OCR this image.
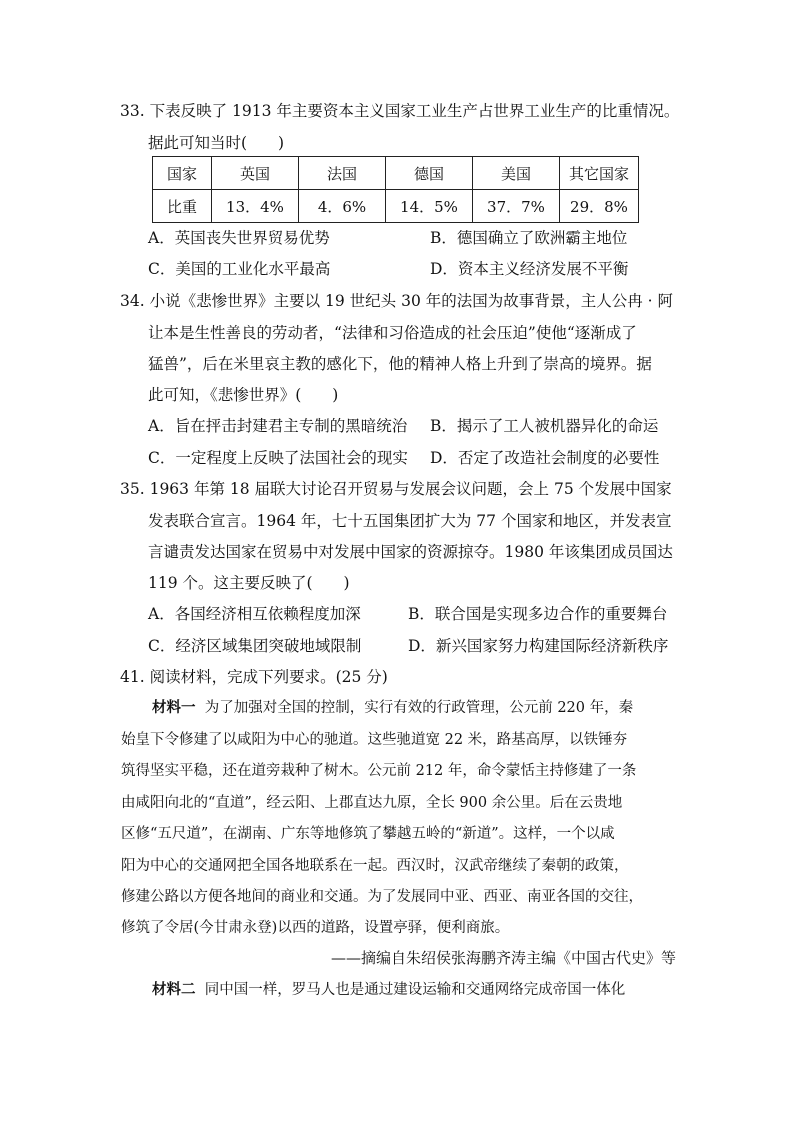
33. 下表反映了 1913 年主要资本主义国家工业生产占世界工业生产的比重情况。
据此可知当时(　　)
国家	英国	法国	德国	美国	其它国家
比重	13．4%	4．6%	14．5%	37．7%	29．8%
A．英国丧失世界贸易优势	B．德国确立了欧洲霸主地位
C．美国的工业化水平最高	D．资本主义经济发展不平衡
34. 小说《悲惨世界》主要以 19 世纪头 30 年的法国为故事背景，主人公冉 · 阿
让本是生性善良的劳动者，“法律和习俗造成的社会压迫”使他“逐渐成了
猛兽”，后在米里哀主教的感化下，他的精神人格上升到了崇高的境界。据
此可知，《悲惨世界》(　　)
A．旨在抨击封建君主专制的黑暗统治 B．揭示了工人被机器异化的命运
C．一定程度上反映了法国社会的现实 D．否定了改造社会制度的必要性
35. 1963 年第 18 届联大讨论召开贸易与发展会议问题，会上 75 个发展中国家
发表联合宣言。1964 年，七十五国集团扩大为 77 个国家和地区，并发表宣
言谴责发达国家在贸易中对发展中国家的资源掠夺。1980 年该集团成员国达
119 个。这主要反映了(　　)
A．各国经济相互依赖程度加深	B．联合国是实现多边合作的重要舞台
C．经济区域集团突破地域限制	D．新兴国家努力构建国际经济新秩序
41. 阅读材料，完成下列要求。(25 分)
材料一 为了加强对全国的控制，实行有效的行政管理，公元前 220 年，秦
始皇下令修建了以咸阳为中心的驰道。这些驰道宽 22 米，路基高厚，以铁锤夯
筑得坚实平稳，还在道旁栽种了树木。公元前 212 年，命令蒙恬主持修建了一条
由咸阳向北的“直道”，经云阳、上郡直达九原，全长 900 余公里。后在云贵地
区修“五尺道”，在湖南、广东等地修筑了攀越五岭的“新道”。这样，一个以咸
阳为中心的交通网把全国各地联系在一起。西汉时，汉武帝继续了秦朝的政策，
修建公路以方便各地间的商业和交通。为了发展同中亚、西亚、南亚各国的交往，
修筑了令居(今甘肃永登)以西的道路，设置亭驿，便利商旅。
——摘编自朱绍侯张海鹏齐涛主编《中国古代史》等
材料二 同中国一样，罗马人也是通过建设运输和交通网络完成帝国一体化
